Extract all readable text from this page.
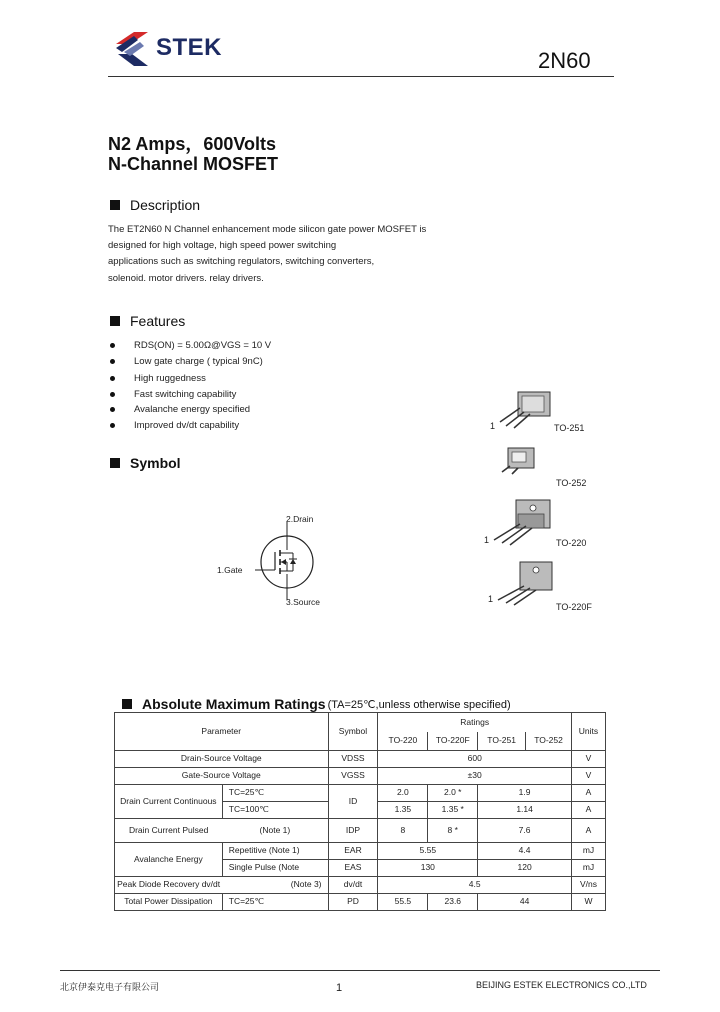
STEK	2N60
N2 Amps，600Volts
N-Channel MOSFET
Description
The ET2N60 N Channel enhancement mode silicon gate power MOSFET is
designed for high voltage, high speed power switching
applications such as switching regulators, switching converters,
solenoid. motor drivers. relay drivers.
Features
RDS(ON) = 5.00Ω@VGS = 10 V
Low gate charge ( typical 9nC)
High ruggedness
Fast switching capability
Avalanche energy specified
Improved dv/dt capability
Symbol
2.Drain
1.Gate
3.Source
1	TO-251
TO-252
1	TO-220
1
TO-220F
Absolute Maximum Ratings (TA=25℃,unless otherwise specified)
Parameter		Symbol	Ratings				Units
			TO-220	TO-220F	TO-251	TO-252	
Drain-Source Voltage		VDSS	600				V
Gate-Source Voltage		VGSS	±30				V
Drain Current Continuous	TC=25℃	ID	2.0	2.0 *	1.9		A
	TC=100℃		1.35	1.35 *	1.14		A
Drain Current Pulsed	(Note 1)	IDP	8	8 *	7.6		A
Avalanche Energy	Repetitive (Note 1)	EAR	5.55		4.4		mJ
	Single Pulse (Note	EAS	130		120		mJ
Peak Diode Recovery dv/dt	(Note 3)	dv/dt	4.5				V/ns
Total Power Dissipation	TC=25℃	PD	55.5	23.6	44		W
北京伊泰克电子有限公司	1	BEIJING ESTEK ELECTRONICS CO.,LTD
